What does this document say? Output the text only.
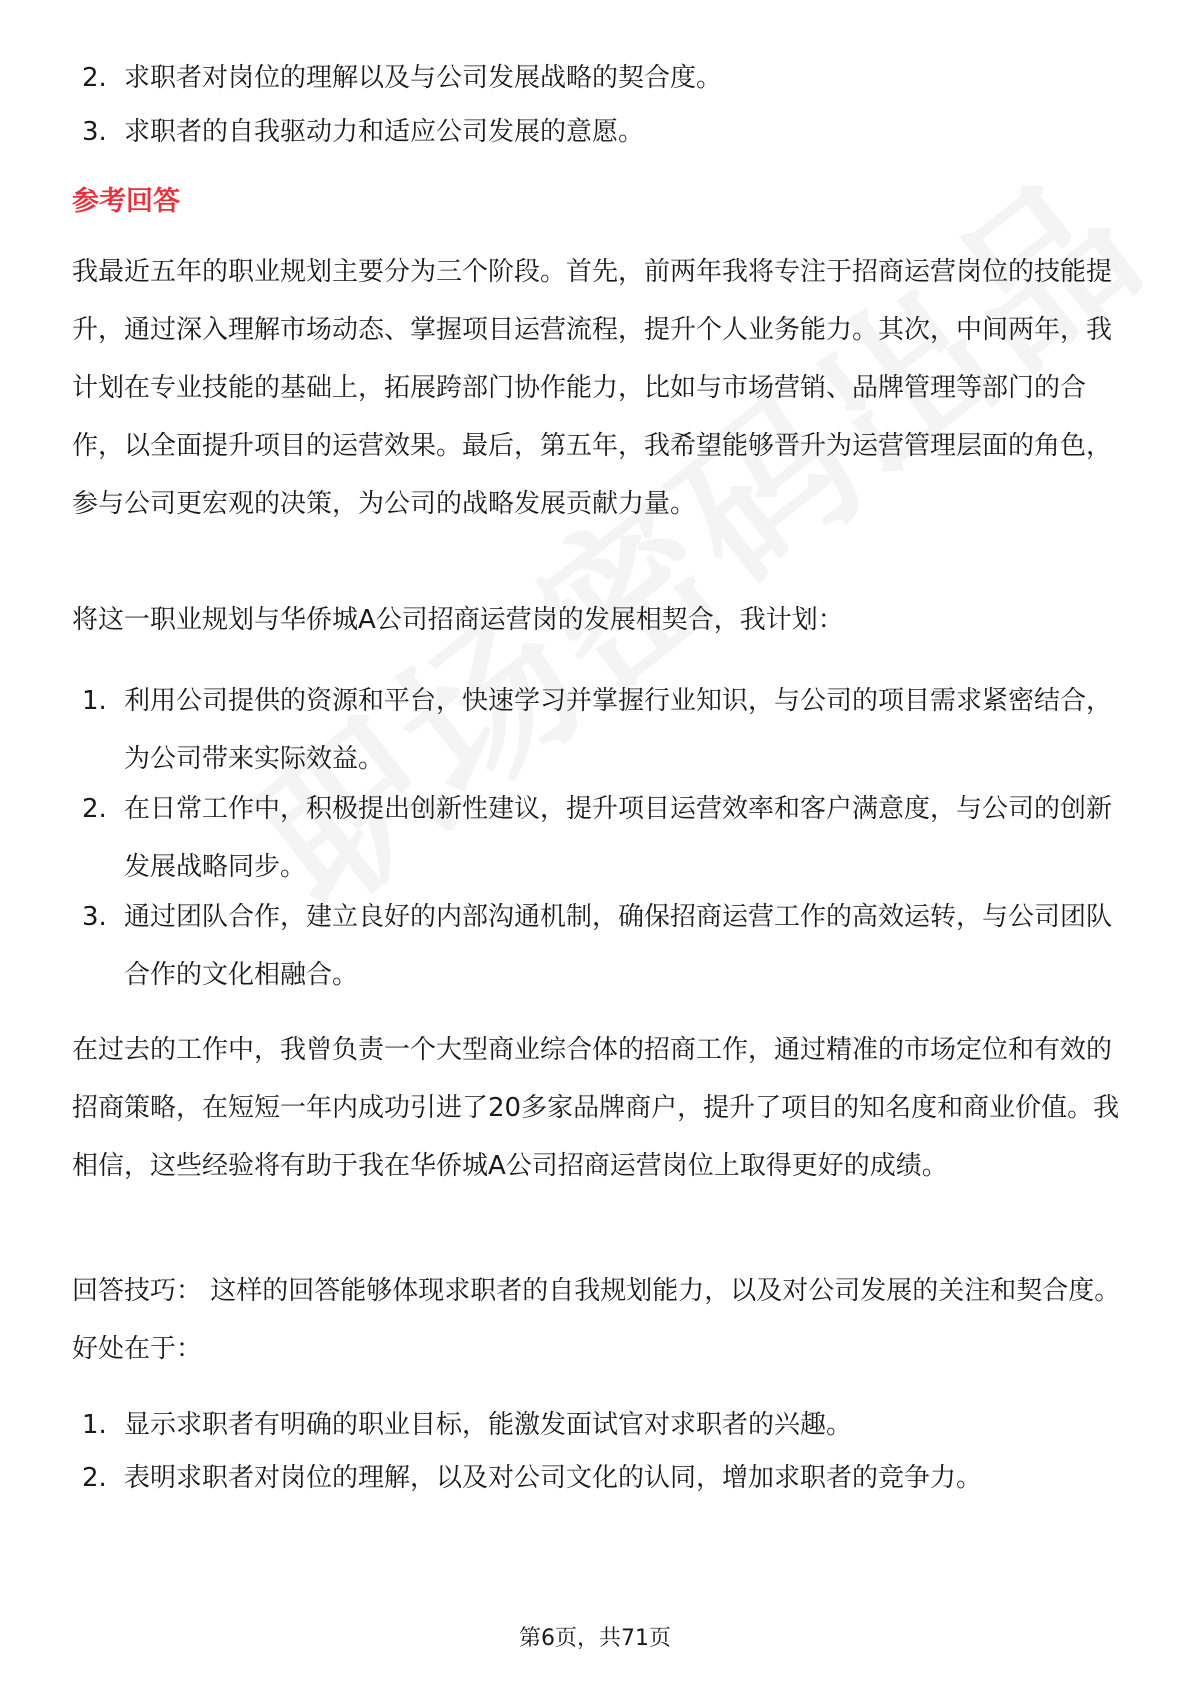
2. 求职者对岗位的理解以及与公司发展战略的契合度。
3. 求职者的自我驱动力和适应公司发展的意愿。
参考回答

我最近五年的职业规划主要分为三个阶段。首先，前两年我将专注于招商运营岗位的技能提升，通过深入理解市场动态、掌握项目运营流程，提升个人业务能力。其次，中间两年，我计划在专业技能的基础上，拓展跨部门协作能力，比如与市场营销、品牌管理等部门的合作，以全面提升项目的运营效果。最后，第五年，我希望能够晋升为运营管理层面的角色，参与公司更宏观的决策，为公司的战略发展贡献力量。

将这一职业规划与华侨城A公司招商运营岗的发展相契合，我计划：

1. 利用公司提供的资源和平台，快速学习并掌握行业知识，与公司的项目需求紧密结合，为公司带来实际效益。
2. 在日常工作中，积极提出创新性建议，提升项目运营效率和客户满意度，与公司的创新发展战略同步。
3. 通过团队合作，建立良好的内部沟通机制，确保招商运营工作的高效运转，与公司团队合作的文化相融合。

在过去的工作中，我曾负责一个大型商业综合体的招商工作，通过精准的市场定位和有效的招商策略，在短短一年内成功引进了20多家品牌商户，提升了项目的知名度和商业价值。我相信，这些经验将有助于我在华侨城A公司招商运营岗位上取得更好的成绩。

回答技巧： 这样的回答能够体现求职者的自我规划能力，以及对公司发展的关注和契合度。好处在于：

1. 显示求职者有明确的职业目标，能激发面试官对求职者的兴趣。
2. 表明求职者对岗位的理解，以及对公司文化的认同，增加求职者的竞争力。
第6页，共71页
